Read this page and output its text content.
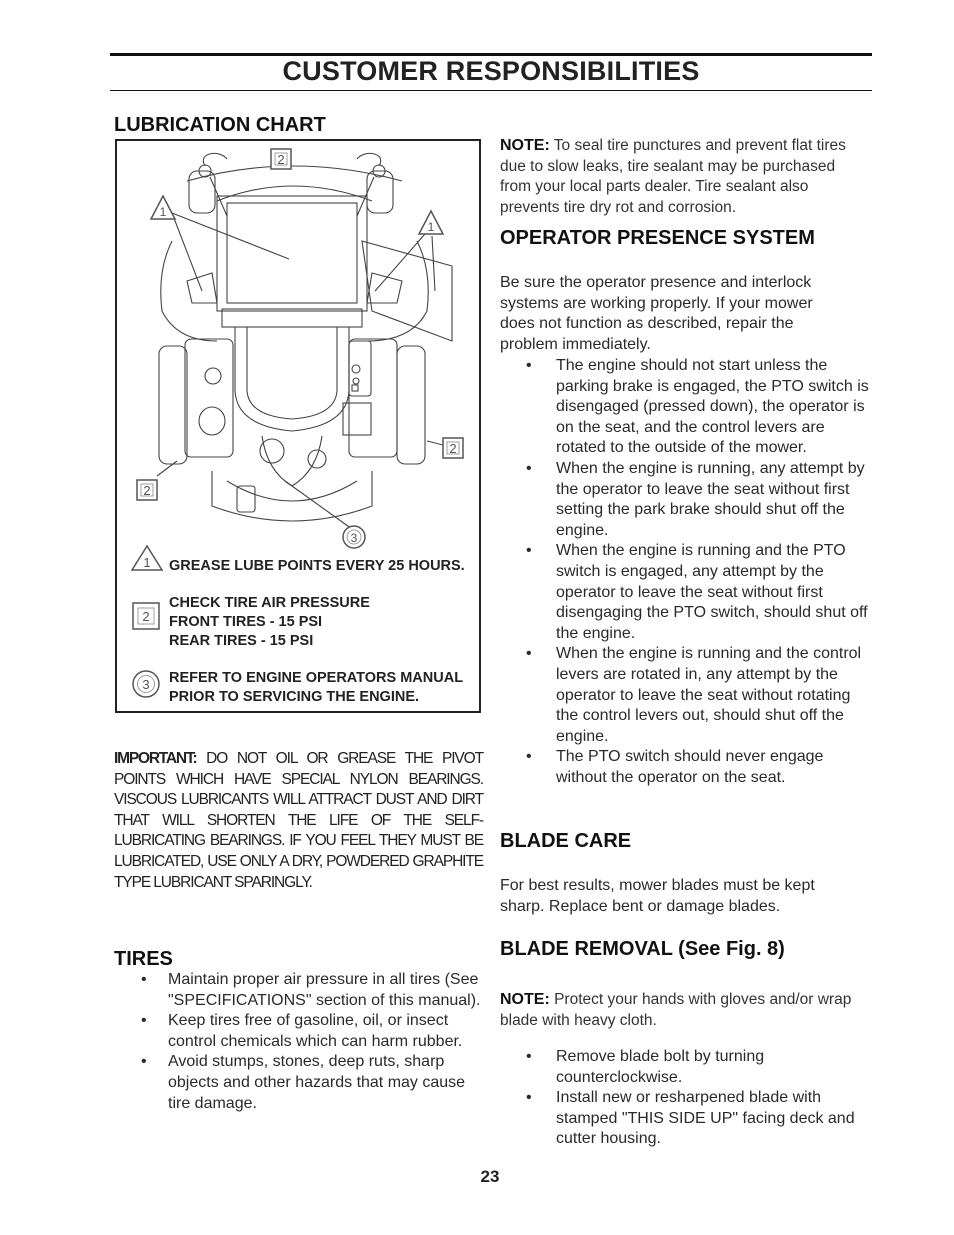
CUSTOMER RESPONSIBILITIES
LUBRICATION CHART
2
1
1
2
2
3
1 GREASE LUBE POINTS EVERY 25 HOURS.
2
CHECK TIRE AIR PRESSURE
FRONT TIRES - 15 PSI
REAR TIRES - 15 PSI
3 REFER TO ENGINE OPERATORS MANUAL
PRIOR TO SERVICING THE ENGINE.
IMPORTANT: DO NOT OIL OR GREASE THE PIVOT POINTS WHICH HAVE SPECIAL NYLON BEARINGS. VISCOUS LUBRICANTS WILL ATTRACT DUST AND DIRT THAT WILL SHORTEN THE LIFE OF THE SELF-LUBRICATING BEARINGS. IF YOU FEEL THEY MUST BE LUBRICATED, USE ONLY A DRY, POWDERED GRAPHITE TYPE LUBRICANT SPARINGLY.
TIRES
• Maintain proper air pressure in all tires (See "SPECIFICATIONS" section of this manual).
• Keep tires free of gasoline, oil, or insect control chemicals which can harm rubber.
• Avoid stumps, stones, deep ruts, sharp objects and other hazards that may cause tire damage.
NOTE: To seal tire punctures and prevent flat tires due to slow leaks, tire sealant may be purchased from your local parts dealer. Tire sealant also prevents tire dry rot and corrosion.
OPERATOR PRESENCE SYSTEM
Be sure the operator presence and interlock systems are working properly. If your mower does not function as described, repair the problem immediately.
• The engine should not start unless the parking brake is engaged, the PTO switch is disengaged (pressed down), the operator is on the seat, and the control levers are rotated to the outside of the mower.
• When the engine is running, any attempt by the operator to leave the seat without first setting the park brake should shut off the engine.
• When the engine is running and the PTO switch is engaged, any attempt by the operator to leave the seat without first disengaging the PTO switch, should shut off the engine.
• When the engine is running and the control levers are rotated in, any attempt by the operator to leave the seat without rotating the control levers out, should shut off the engine.
• The PTO switch should never engage without the operator on the seat.
BLADE CARE
For best results, mower blades must be kept sharp. Replace bent or damage blades.
BLADE REMOVAL (See Fig. 8)
NOTE: Protect your hands with gloves and/or wrap blade with heavy cloth.
• Remove blade bolt by turning counterclockwise.
• Install new or resharpened blade with stamped "THIS SIDE UP" facing deck and cutter housing.
23
